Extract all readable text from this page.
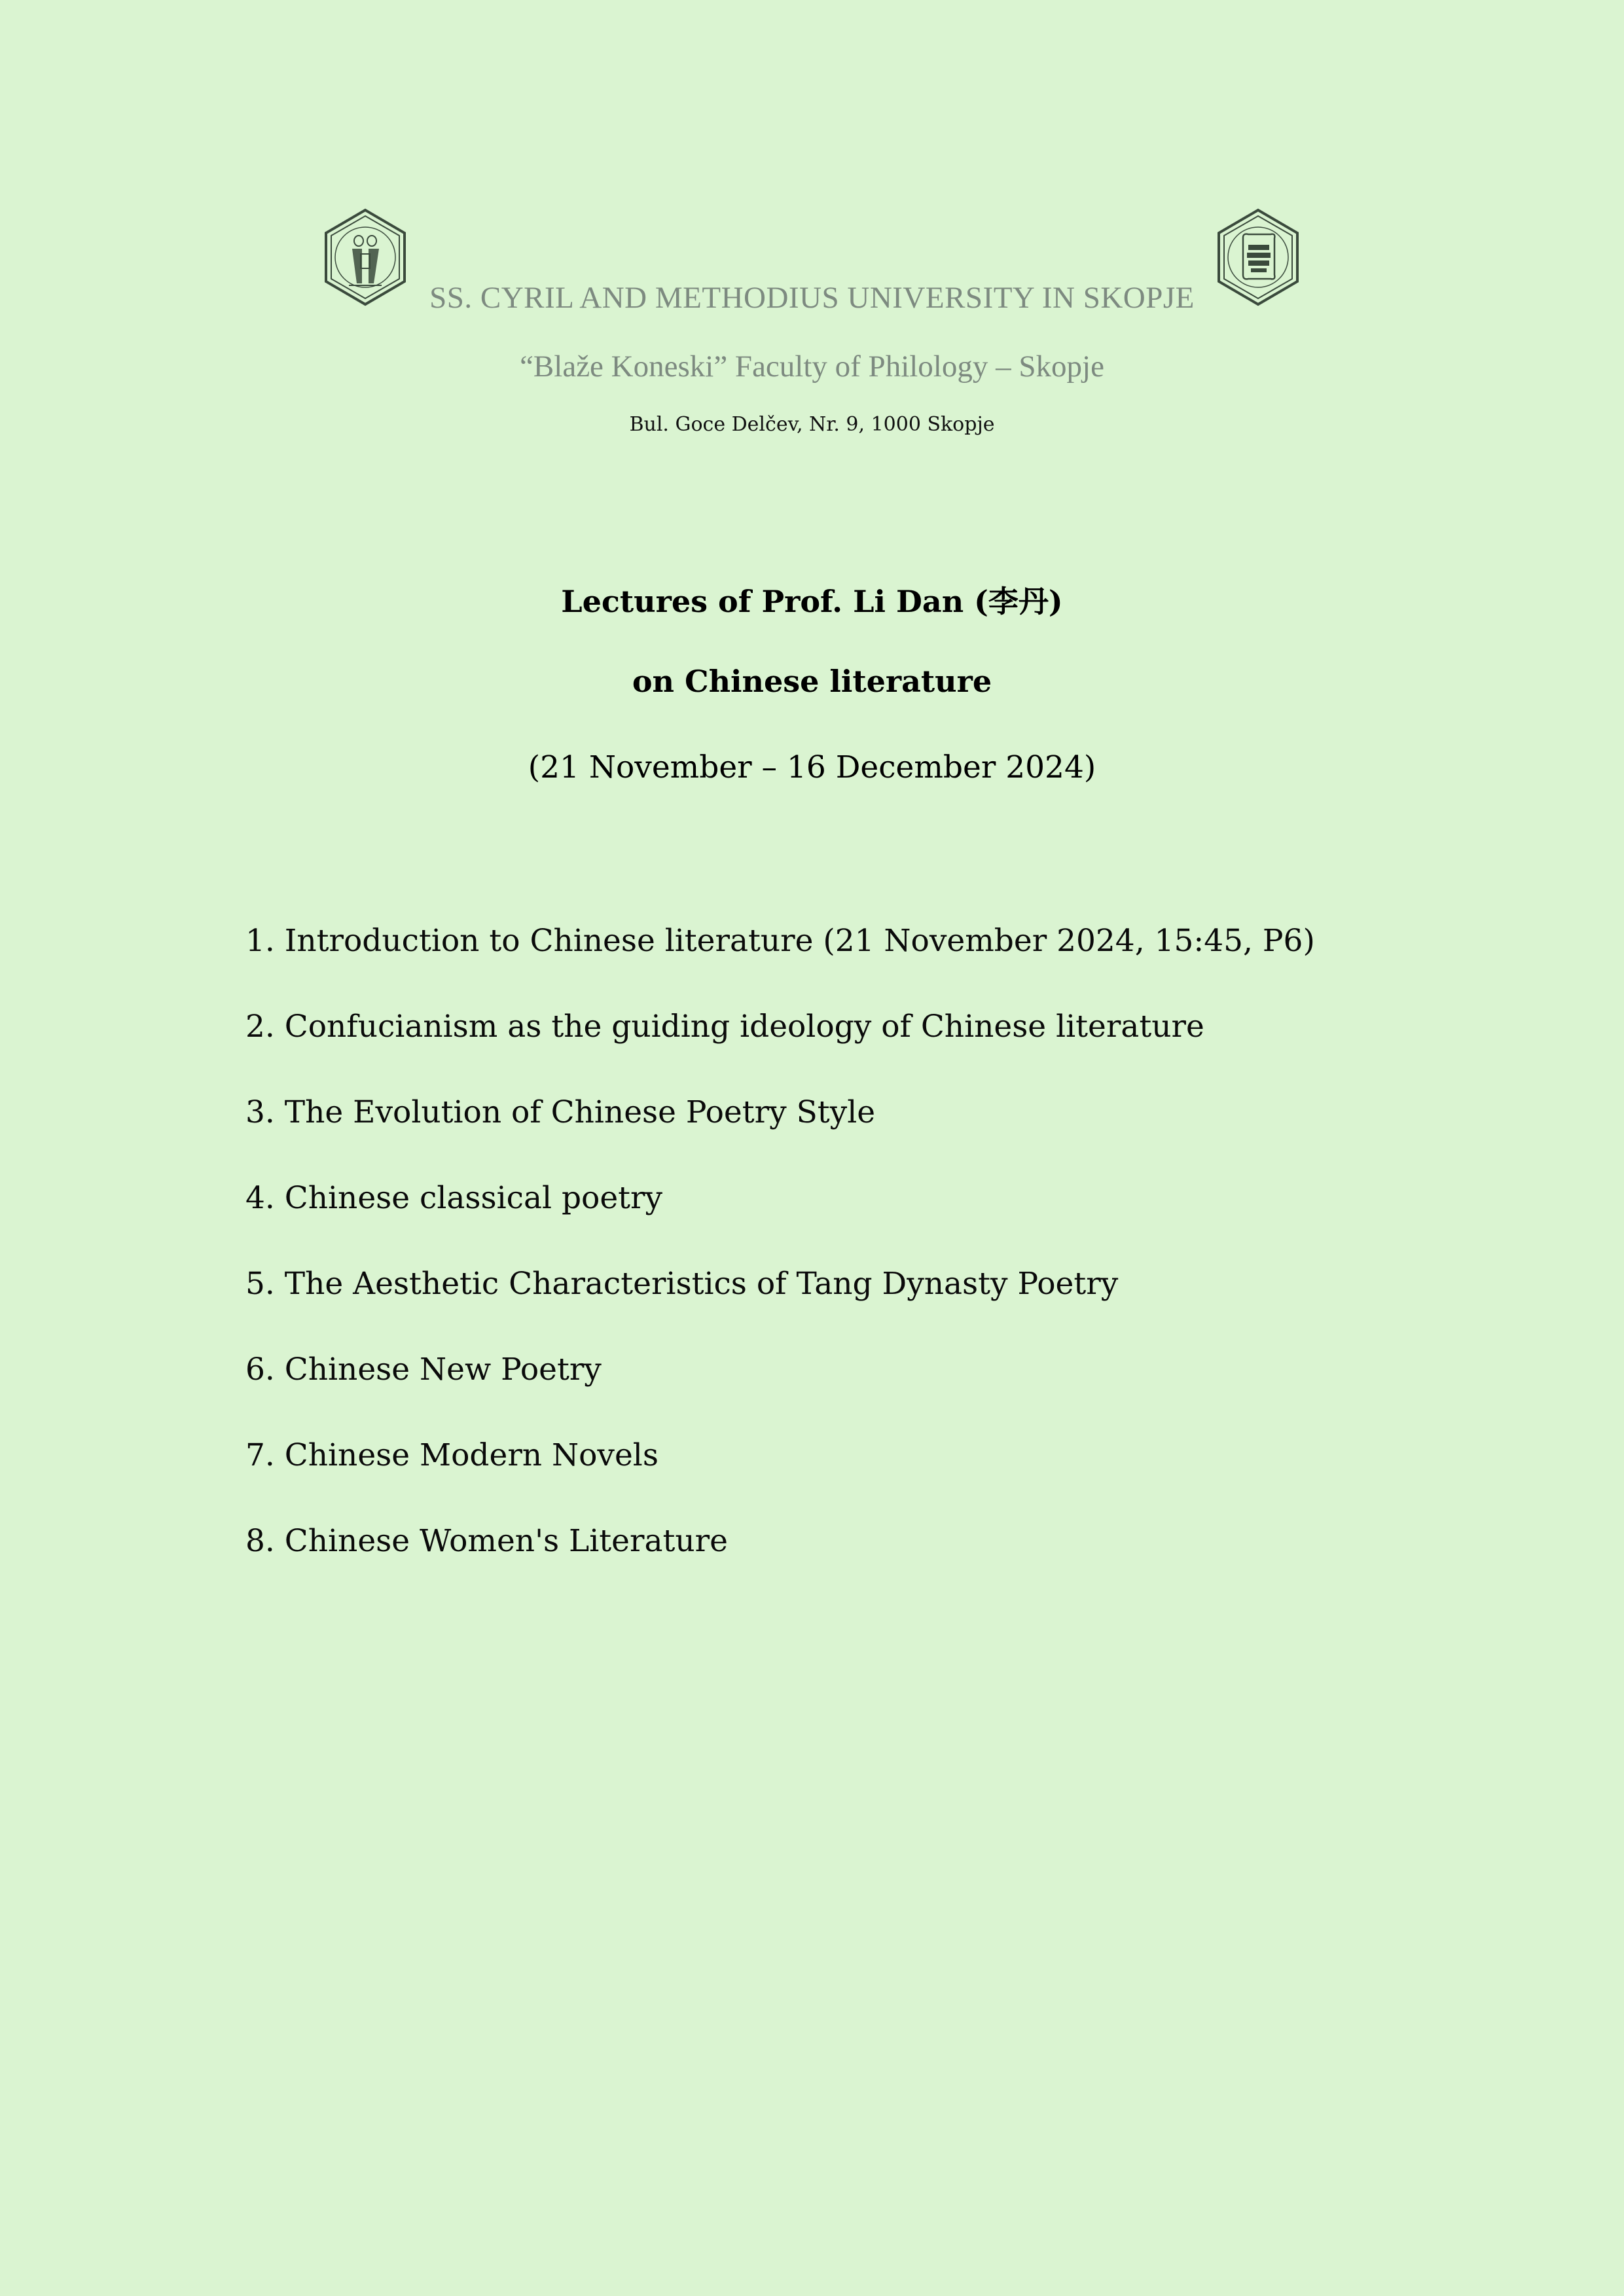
SS. CYRIL AND METHODIUS UNIVERSITY IN SKOPJE
“Blaže Koneski” Faculty of Philology – Skopje
Bul. Goce Delčev, Nr. 9, 1000 Skopje
Lectures of Prof. Li Dan (李丹)
on Chinese literature
(21 November – 16 December 2024)
1. Introduction to Chinese literature (21 November 2024, 15:45, P6)
2. Confucianism as the guiding ideology of Chinese literature
3. The Evolution of Chinese Poetry Style
4. Chinese classical poetry
5. The Aesthetic Characteristics of Tang Dynasty Poetry
6. Chinese New Poetry
7. Chinese Modern Novels
8. Chinese Women's Literature
